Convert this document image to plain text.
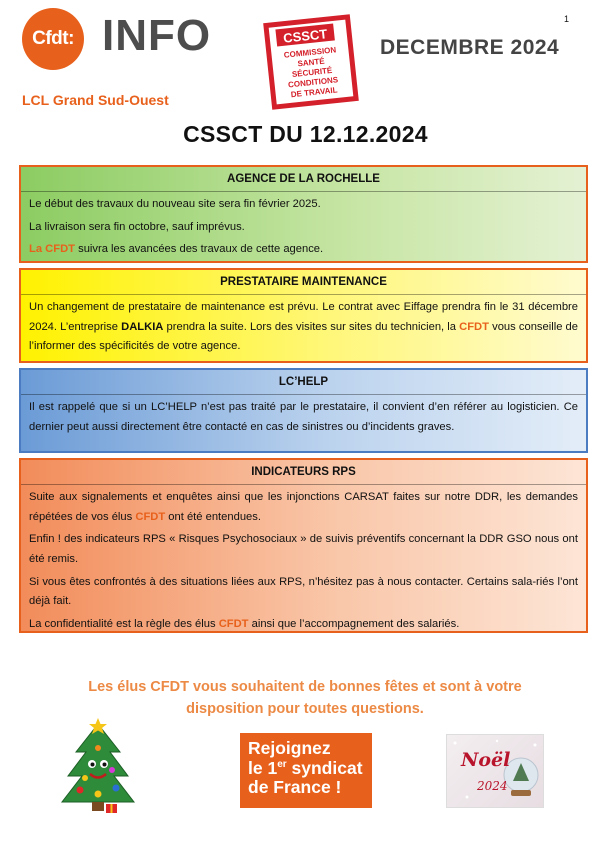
Cfdt: INFO	CSSCT
COMMISSION
SANTÉ
SÉCURITÉ
CONDITIONS
DE TRAVAIL
DECEMBRE 2024
1
LCL Grand Sud-Ouest
CSSCT DU 12.12.2024
AGENCE DE LA ROCHELLE

Le début des travaux du nouveau site sera fin février 2025.

La livraison sera fin octobre, sauf imprévus.

La CFDT suivra les avancées des travaux de cette agence.

PRESTATAIRE MAINTENANCE

Un changement de prestataire de maintenance est prévu. Le contrat avec Eiffage prendra fin le 31 décembre 2024. L’entreprise DALKIA prendra la suite. Lors des visites sur sites du technicien, la CFDT vous conseille de l’informer des spécificités de votre agence.

LC’HELP

Il est rappelé que si un LC’HELP n’est pas traité par le prestataire, il convient d’en référer au logisticien. Ce dernier peut aussi directement être contacté en cas de sinistres ou d’incidents graves.

INDICATEURS RPS

Suite aux signalements et enquêtes ainsi que les injonctions CARSAT faites sur notre DDR, les demandes répétées de vos élus CFDT ont été entendues.

Enfin ! des indicateurs RPS « Risques Psychosociaux » de suivis préventifs concernant la DDR GSO nous ont été remis.

Si vous êtes confrontés à des situations liées aux RPS, n’hésitez pas à nous contacter. Certains sala-riés l’ont déjà fait.

La confidentialité est la règle des élus CFDT ainsi que l’accompagnement des salariés.

Les élus CFDT vous souhaitent de bonnes fêtes et sont à votre
disposition pour toutes questions.
Rejoignez
le 1er syndicat
de France !
Noël
2024
